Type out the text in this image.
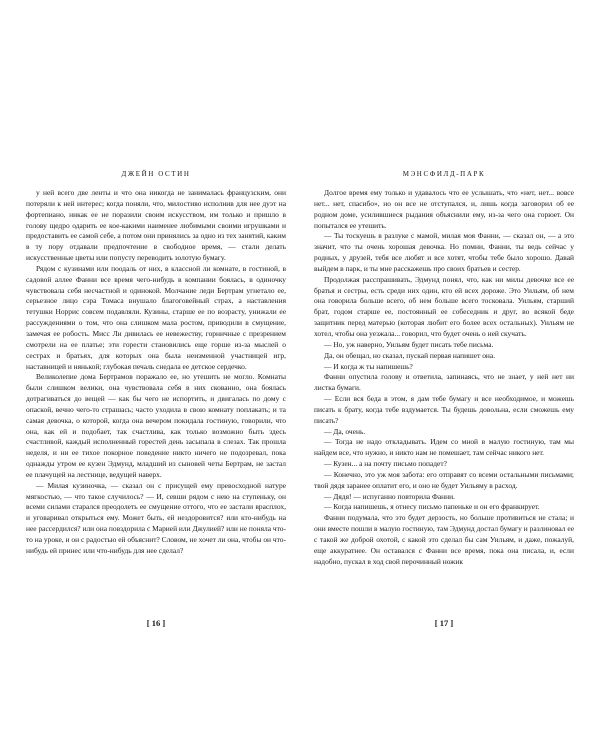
ДЖЕЙН ОСТИН

у ней всего две ленты и что она никогда не занималась французским, они потеряли к ней интерес; когда поняли, что, милостиво исполнив для нее дуэт на фортепиано, никак ее не поразили своим искусством, им только и пришло в голову щедро одарить ее кое-какими наименее любимыми своими игрушками и предоставить ее самой себе, а потом они принялись за одно из тех занятий, каким в ту пору отдавали предпочтение в свободное время, — стали делать искусственные цветы или попусту переводить золотую бумагу.

Рядом с кузинами или поодаль от них, в классной ли комнате, в гостиной, в садовой аллее Фанни все время чего-нибудь в компании боялась, в одиночку чувствовала себя несчастной и одинокой. Молчание леди Бертрам угнетало ее, серьезное лицо сэра Томаса внушало благоговейный страх, а наставления тетушки Норрис совсем подавляли. Кузины, старше ее по возрасту, унижали ее рассуждениями о том, что она слишком мала ростом, приводили в смущение, замечая ее робость. Мисс Ли дивилась ее невежеству, горничные с презрением смотрели на ее платье; эти горести становились еще горше из-за мыслей о сестрах и братьях, для которых она была неизменной участницей игр, наставницей и нянькой; глубокая печаль снедала ее детское сердечко.

Великолепие дома Бертрамов поражало ее, но утешить не могло. Комнаты были слишком велики, она чувствовала себя в них скованно, она боялась дотрагиваться до вещей — как бы чего не испортить, и двигалась по дому с опаской, вечно чего-то страшась; часто уходила в свою комнату поплакать; и та самая девочка, о которой, когда она вечером покидала гостиную, говорили, что она, как ей и подобает, так счастлива, как только возможно быть здесь счастливой, каждый исполненный горестей день засыпала в слезах. Так прошла неделя, и ни ее тихое покорное поведение никто ничего не подозревал, пока однажды утром ее кузен Эдмунд, младший из сыновей четы Бертрам, не застал ее плачущей на лестнице, ведущей наверх.

— Милая кузиночка, — сказал он с присущей ему превосходной натуре мягкостью, — что такое случилось? — И, севши рядом с нею на ступеньку, он всеми силами старался преодолеть ее смущение оттого, что ее застали врасплох, и уговаривал открыться ему. Может быть, ей нездоровится? или кто-нибудь на нее рассердился? или она повздорила с Марией или Джулией? или не поняла что-то на уроке, и он с радостью ей объяснит? Словом, не хочет ли она, чтобы он что-нибудь ей принес или что-нибудь для нее сделал?

[ 16 ]
МЭНСФИЛД-ПАРК

Долгое время ему только и удавалось что ее услышать, что «нет, нет... вовсе нет... нет, спасибо», но он все не отступался, и, лишь когда заговорил об ее родном доме, усилившиеся рыдания объяснили ему, из-за чего она горюет. Он попытался ее утешить.

— Ты тоскуешь в разлуке с мамой, милая моя Фанни, — сказал он, — а это значит, что ты очень хорошая девочка. Но помни, Фанни, ты ведь сейчас у родных, у друзей, тебя все любят и все хотят, чтобы тебе было хорошо. Давай выйдем в парк, и ты мне расскажешь про своих братьев и сестер.

Продолжая расспрашивать, Эдмунд понял, что, как ни милы девочке все ее братья и сестры, есть среди них один, кто ей всех дороже. Это Уильям, об нем она говорила больше всего, об нем больше всего тосковала. Уильям, старший брат, годом старше ее, постоянный ее собеседник и друг, во всякой беде защитник перед матерью (которая любит его более всех остальных). Уильям не хотел, чтобы она уезжала... говорил, что будет очень о ней скучать.

— Но, уж наверно, Уильям будет писать тебе письма.

Да, он обещал, но сказал, пускай первая напишет она.

— И когда ж ты напишешь?

Фанни опустила голову и ответила, запинаясь, что не знает, у ней нет ни листка бумаги.

— Если вся беда в этом, я дам тебе бумагу и все необходимое, и можешь писать к брату, когда тебе вздумается. Ты будешь довольна, если сможешь ему писать?

— Да, очень.

— Тогда не надо откладывать. Идем со мной в малую гостиную, там мы найдем все, что нужно, и никто нам не помешает, там сейчас никого нет.

— Кузен... а на почту письмо попадет?

— Конечно, это уж моя забота: его отправят со всеми остальными письмами; твой дядя заранее оплатит его, и оно не будет Уильяму в расход.

— Дядя! — испуганно повторила Фанни.

— Когда напишешь, я отнесу письмо папеньке и он его франкирует.

Фанни подумала, что это будет дерзость, но больше противиться не стала; и они вместе пошли в малую гостиную, там Эдмунд достал бумагу и разлиновал ее с такой же доброй охотой, с какой это сделал бы сам Уильям, и даже, пожалуй, еще аккуратнее. Он оставался с Фанни все время, пока она писала, и, если надобно, пускал в ход свой перочинный ножик

[ 17 ]
